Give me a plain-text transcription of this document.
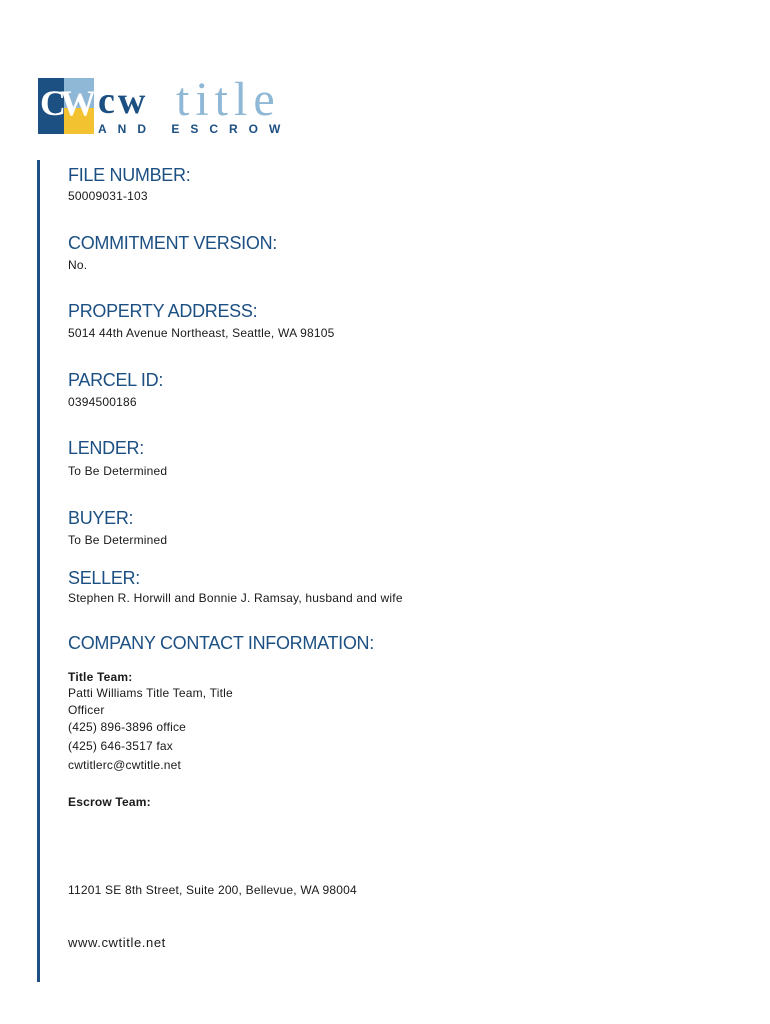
CW cw title
AND ESCROW
FILE NUMBER:
50009031-103
COMMITMENT VERSION:
No.
PROPERTY ADDRESS:
5014 44th Avenue Northeast, Seattle, WA 98105
PARCEL ID:
0394500186
LENDER:
To Be Determined
BUYER:
To Be Determined
SELLER:
Stephen R. Horwill and Bonnie J. Ramsay, husband and wife
COMPANY CONTACT INFORMATION:
Title Team:
Patti Williams Title Team, Title
Officer
(425) 896-3896 office
(425) 646-3517 fax
cwtitlerc@cwtitle.net
Escrow Team:
11201 SE 8th Street, Suite 200, Bellevue, WA 98004
www.cwtitle.net
